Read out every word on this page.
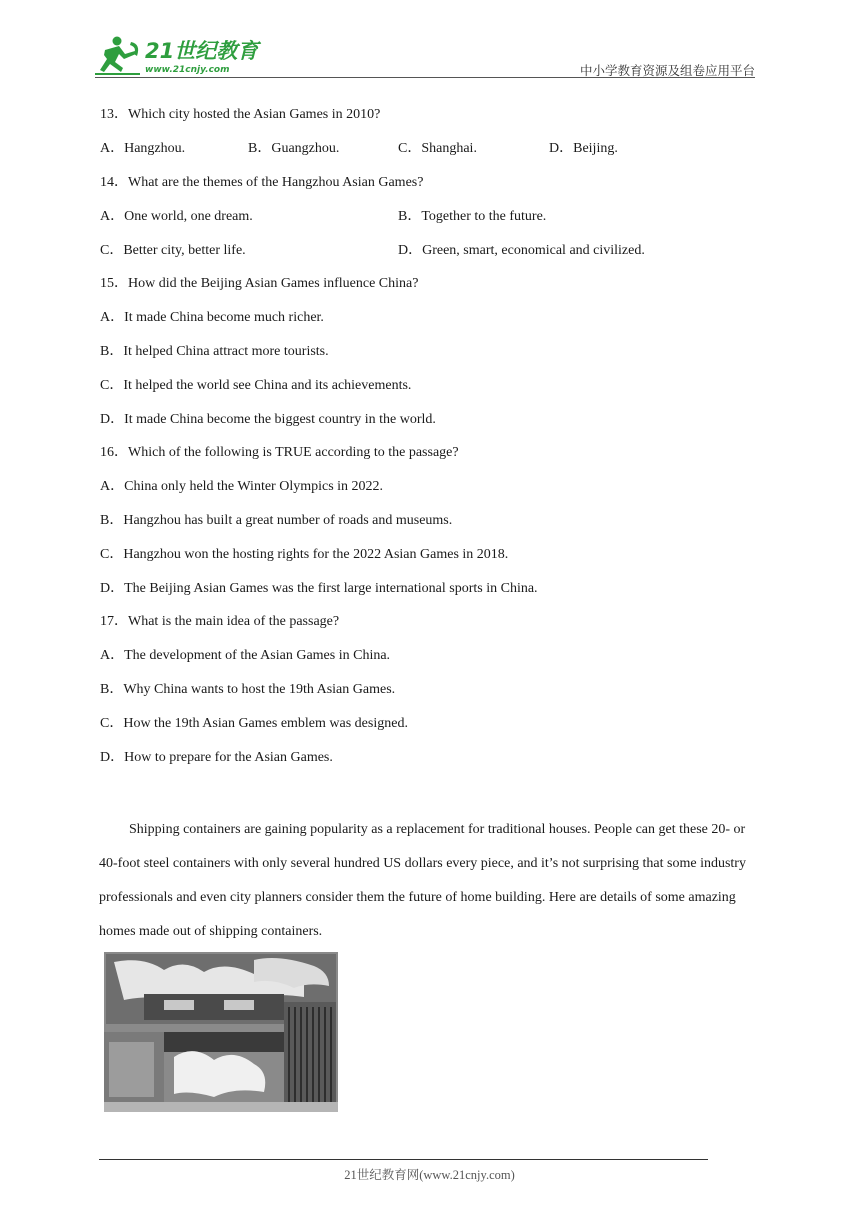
21世纪教育
www.21cnjy.com	中小学教育资源及组卷应用平台
13．Which city hosted the Asian Games in 2010?
A．Hangzhou.	B．Guangzhou.	C．Shanghai.	D．Beijing.
14．What are the themes of the Hangzhou Asian Games?
A．One world, one dream.	B．Together to the future.
C．Better city, better life.	D．Green, smart, economical and civilized.
15．How did the Beijing Asian Games influence China?
A．It made China become much richer.
B．It helped China attract more tourists.
C．It helped the world see China and its achievements.
D．It made China become the biggest country in the world.
16．Which of the following is TRUE according to the passage?
A．China only held the Winter Olympics in 2022.
B．Hangzhou has built a great number of roads and museums.
C．Hangzhou won the hosting rights for the 2022 Asian Games in 2018.
D．The Beijing Asian Games was the first large international sports in China.
17．What is the main idea of the passage?
A．The development of the Asian Games in China.
B．Why China wants to host the 19th Asian Games.
C．How the 19th Asian Games emblem was designed.
D．How to prepare for the Asian Games.

Shipping containers are gaining popularity as a replacement for traditional houses. People can get these 20- or 40-foot steel containers with only several hundred US dollars every piece, and it’s not surprising that some industry professionals and even city planners consider them the future of home building. Here are details of some amazing homes made out of shipping containers.

21世纪教育网(www.21cnjy.com)
